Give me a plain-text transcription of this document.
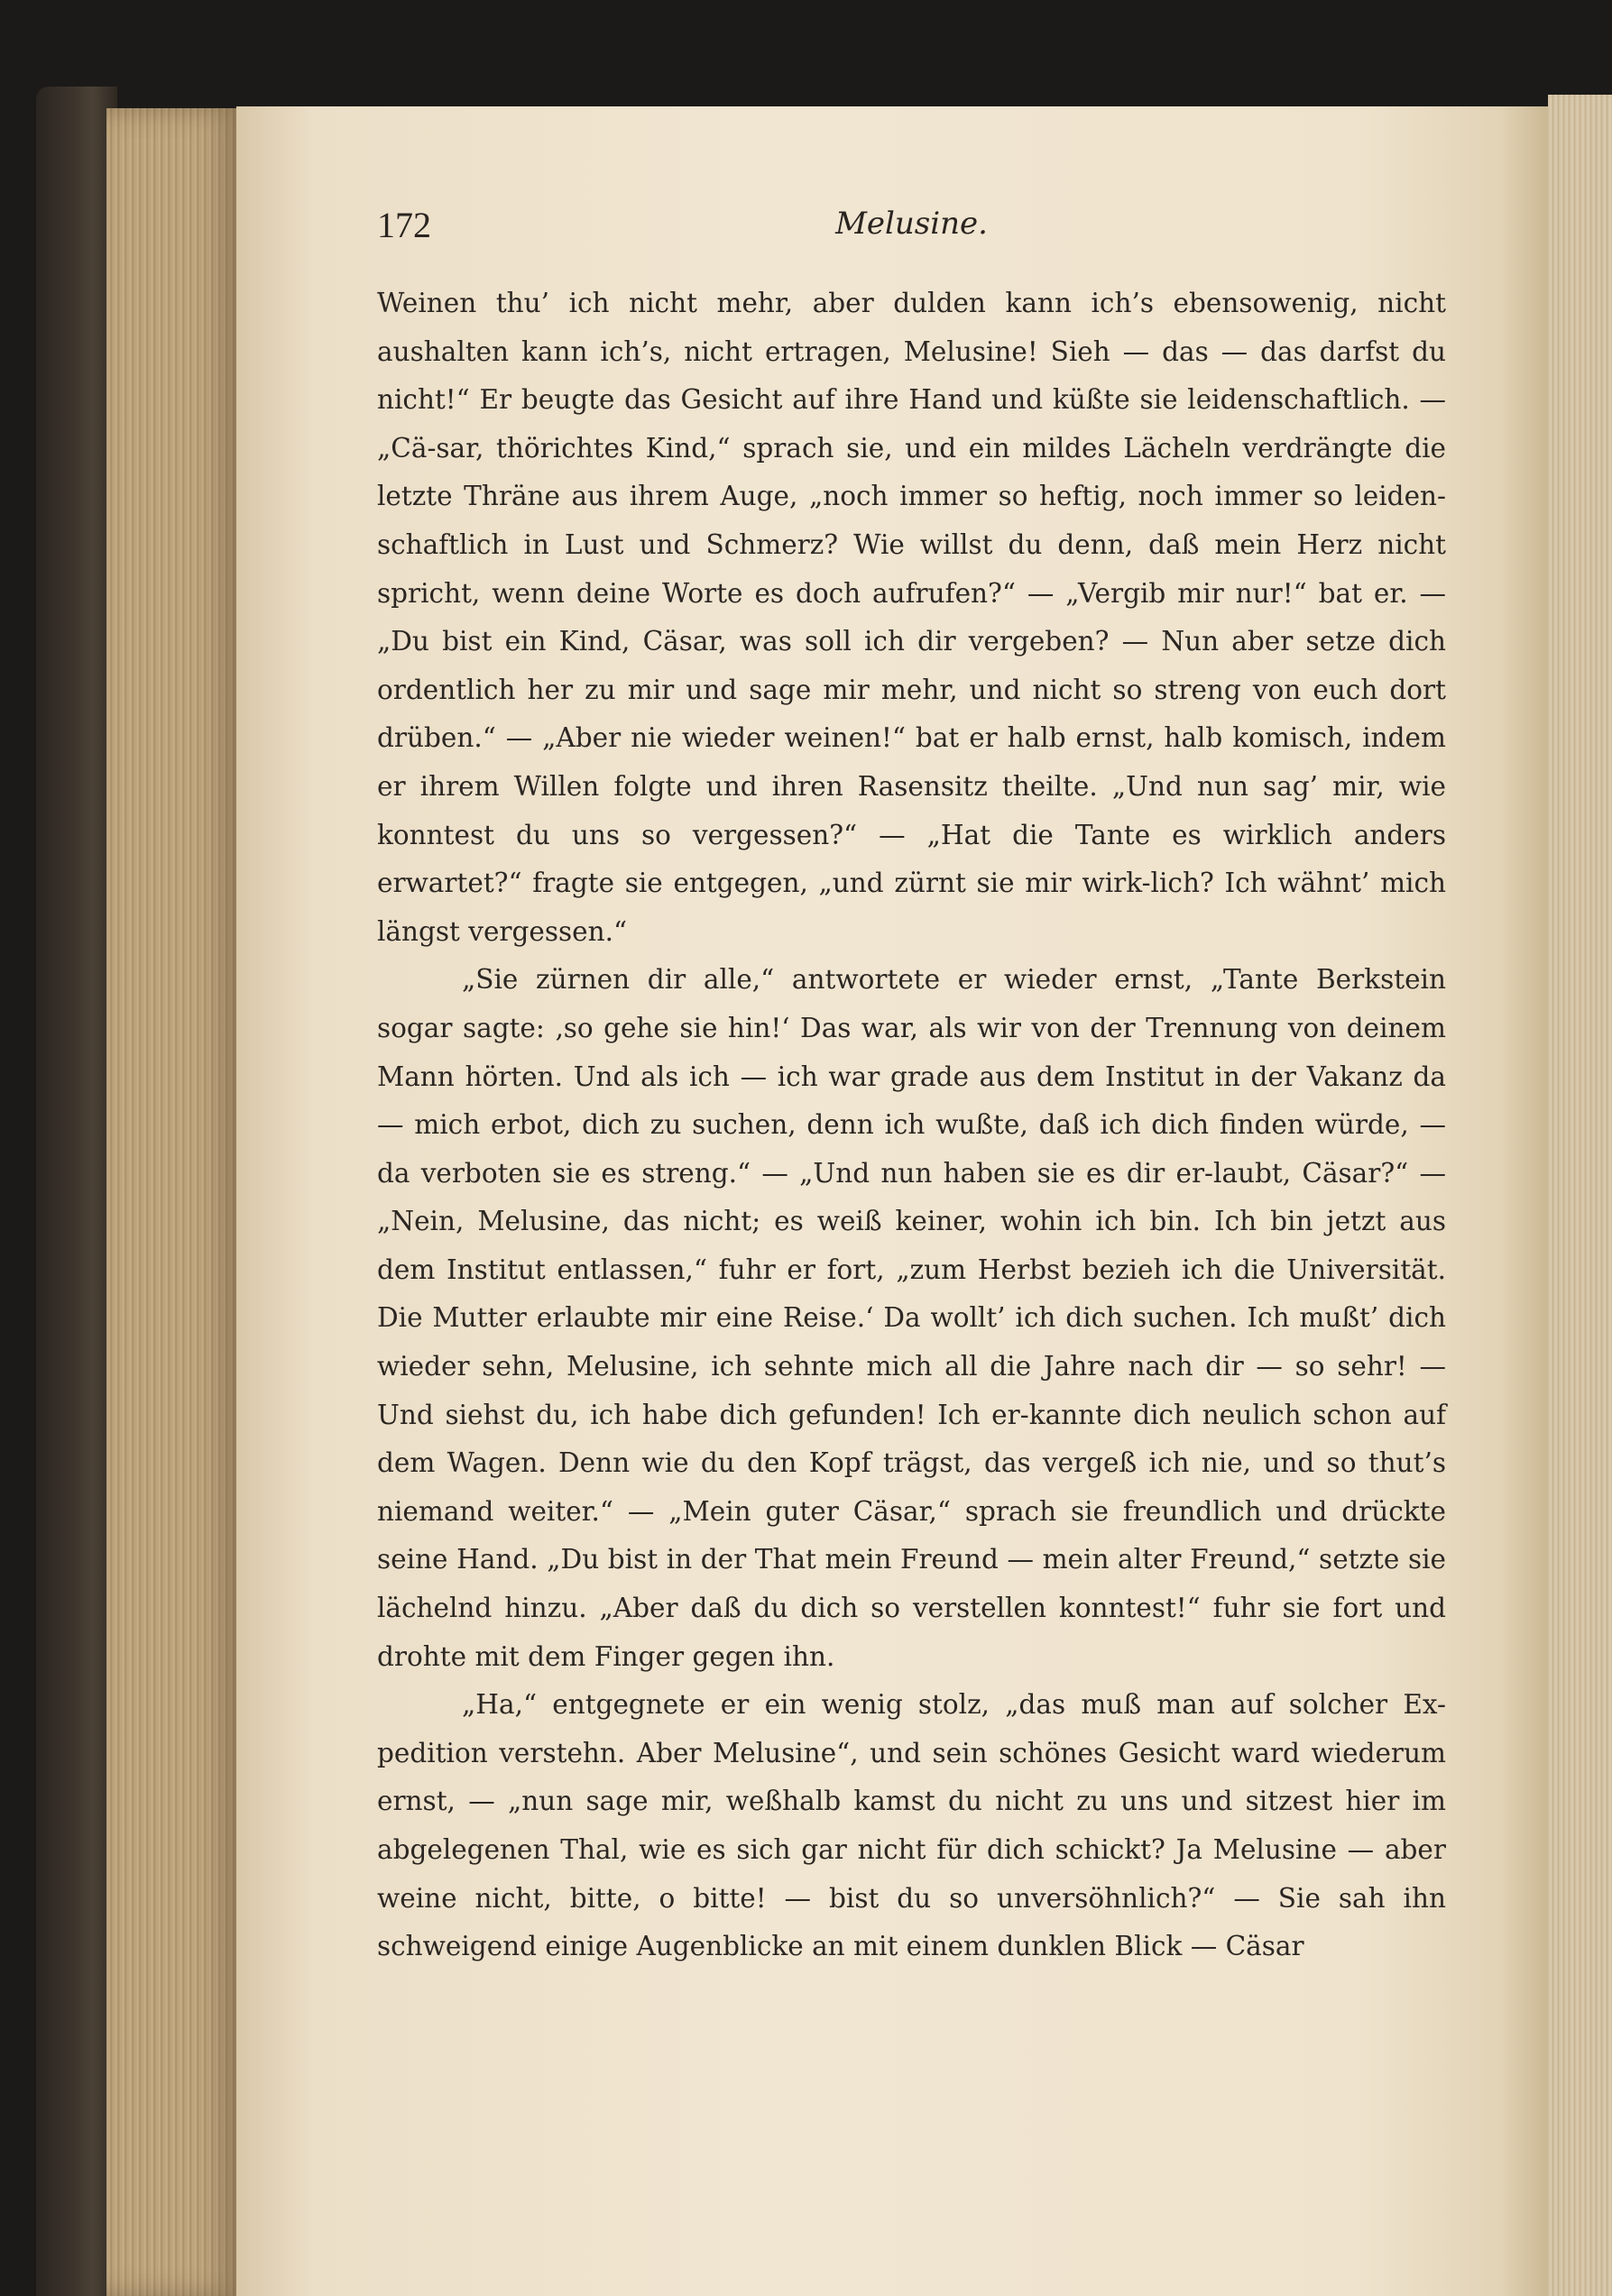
172	Melusine.

Weinen thu’ ich nicht mehr, aber dulden kann ich’s ebensowenig, nicht aushalten kann ich’s, nicht ertragen, Melusine! Sieh — das — das darfst du nicht!“ Er beugte das Gesicht auf ihre Hand und küßte sie leidenschaftlich. — „Cä-sar, thörichtes Kind,“ sprach sie, und ein mildes Lächeln verdrängte die letzte Thräne aus ihrem Auge, „noch immer so heftig, noch immer so leiden-schaftlich in Lust und Schmerz? Wie willst du denn, daß mein Herz nicht spricht, wenn deine Worte es doch aufrufen?“ — „Vergib mir nur!“ bat er. — „Du bist ein Kind, Cäsar, was soll ich dir vergeben? — Nun aber setze dich ordentlich her zu mir und sage mir mehr, und nicht so streng von euch dort drüben.“ — „Aber nie wieder weinen!“ bat er halb ernst, halb komisch, indem er ihrem Willen folgte und ihren Rasensitz theilte. „Und nun sag’ mir, wie konntest du uns so vergessen?“ — „Hat die Tante es wirklich anders erwartet?“ fragte sie entgegen, „und zürnt sie mir wirk-lich? Ich wähnt’ mich längst vergessen.“

„Sie zürnen dir alle,“ antwortete er wieder ernst, „Tante Berkstein sogar sagte: ‚so gehe sie hin!‘ Das war, als wir von der Trennung von deinem Mann hörten. Und als ich — ich war grade aus dem Institut in der Vakanz da — mich erbot, dich zu suchen, denn ich wußte, daß ich dich finden würde, — da verboten sie es streng.“ — „Und nun haben sie es dir er-laubt, Cäsar?“ — „Nein, Melusine, das nicht; es weiß keiner, wohin ich bin. Ich bin jetzt aus dem Institut entlassen,“ fuhr er fort, „zum Herbst bezieh ich die Universität. Die Mutter erlaubte mir eine Reise.‘ Da wollt’ ich dich suchen. Ich mußt’ dich wieder sehn, Melusine, ich sehnte mich all die Jahre nach dir — so sehr! — Und siehst du, ich habe dich gefunden! Ich er-kannte dich neulich schon auf dem Wagen. Denn wie du den Kopf trägst, das vergeß ich nie, und so thut’s niemand weiter.“ — „Mein guter Cäsar,“ sprach sie freundlich und drückte seine Hand. „Du bist in der That mein Freund — mein alter Freund,“ setzte sie lächelnd hinzu. „Aber daß du dich so verstellen konntest!“ fuhr sie fort und drohte mit dem Finger gegen ihn.

„Ha,“ entgegnete er ein wenig stolz, „das muß man auf solcher Ex-pedition verstehn. Aber Melusine“, und sein schönes Gesicht ward wiederum ernst, — „nun sage mir, weßhalb kamst du nicht zu uns und sitzest hier im abgelegenen Thal, wie es sich gar nicht für dich schickt? Ja Melusine — aber weine nicht, bitte, o bitte! — bist du so unversöhnlich?“ — Sie sah ihn schweigend einige Augenblicke an mit einem dunklen Blick — Cäsar
